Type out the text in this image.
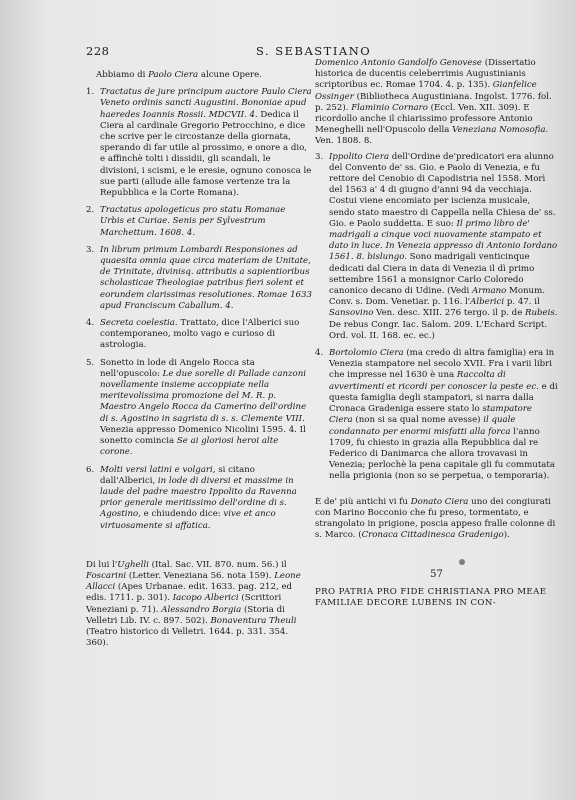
228	S. SEBASTIANO

Abbiamo di Paolo Ciera alcune Opere.

1. Tractatus de jure principum auctore Paulo Ciera Veneto ordinis sancti Augustini. Bononiae apud haeredes Ioannis Rossii. MDCVII. 4. Dedica il Ciera al cardinale Gregorio Petrocchino, e dice che scrive per le circostanze della giornata, sperando di far utile al prossimo, e onore a dio, e affinchè tolti i dissidii, gli scandali, le divisioni, i scismi, e le eresie, ognuno conosca le sue parti (allude alle famose vertenze tra la Repubblica e la Corte Romana).

2. Tractatus apologeticus pro statu Romanae Urbis et Curiae. Senis per Sylvestrum Marchettum. 1608. 4.

3. In librum primum Lombardi Responsiones ad quaesita omnia quae circa materiam de Unitate, de Trinitate, divinisq. attributis a sapientioribus scholasticae Theologiae patribus fieri solent et eorundem clarissimas resolutiones. Romae 1633 apud Franciscum Caballum. 4.

4. Secreta coelestia. Trattato, dice l'Alberici suo contemporaneo, molto vago e curioso di astrologia.

5. Sonetto in lode di Angelo Rocca sta nell'opuscolo: Le due sorelle di Pallade canzoni novellamente insieme accoppiate nella meritevolissima promozione del M. R. p. Maestro Angelo Rocca da Camerino dell'ordine di s. Agostino in sagrista di s. s. Clemente VIII. Venezia appresso Domenico Nicolini 1595. 4. Il sonetto comincia Se ai gloriosi heroi alte corone.

6. Molti versi latini e volgari, si citano dall'Alberici, in lode di diversi et massime in laude del padre maestro Ippolito da Ravenna prior generale meritissimo dell'ordine di s. Agostino, e chiudendo dice: vive et anco virtuosamente si affatica.

Di lui l'Ughelli (Ital. Sac. VII. 870. num. 56.) il Foscarini (Letter. Veneziana 56. nota 159). Leone Allacci (Apes Urbanae. edit. 1633. pag. 212, ed edis. 1711. p. 301). Iacopo Alberici (Scrittori Veneziani p. 71). Alessandro Borgia (Storia di Velletri Lib. IV. c. 897. 502). Bonaventura Theuli (Teatro historico di Velletri. 1644. p. 331. 354. 360).

Domenico Antonio Gandolfo Genovese (Dissertatio historica de ducentis celeberrimis Augustinianis scriptoribus ec. Romae 1704. 4. p. 135). Gianfelice Ossinger (Bibliotheca Augustiniana. Ingolst. 1776. fol. p. 252). Flaminio Cornaro (Eccl. Ven. XII. 309). E ricordollo anche il chiarissimo professore Antonio Meneghelli nell'Opuscolo della Veneziana Nomosofia. Ven. 1808. 8.

3. Ippolito Ciera dell'Ordine de'predicatori era alunno del Convento de' ss. Gio. e Paolo di Venezia, e fu rettore del Cenobio di Capodistria nel 1558. Morì del 1563 a' 4 di giugno d'anni 94 da vecchiaja. Costui viene encomiato per iscienza musicale, sendo stato maestro di Cappella nella Chiesa de' ss. Gio. e Paolo suddetta. E suo: Il primo libro de' madrigali a cinque voci nuovamente stampato et dato in luce. In Venezia appresso di Antonio Iordano 1561. 8. bislungo. Sono madrigali venticinque dedicati dal Ciera in data di Venezia il dì primo settembre 1561 a monsignor Carlo Coloredo canonico decano di Udine. (Vedi Armano Monum. Conv. s. Dom. Venetiar. p. 116. l'Alberici p. 47. il Sansovino Ven. desc. XIII. 276 tergo. il p. de Rubeis. De rebus Congr. Iac. Salom. 209. L'Echard Script. Ord. vol. II. 168. ec. ec.)

4. Bortolomio Ciera (ma credo di altra famiglia) era in Venezia stampatore nel secolo XVII. Fra i varii libri che impresse nel 1630 è una Raccolta di avvertimenti et ricordi per conoscer la peste ec. e di questa famiglia degli stampatori, si narra dalla Cronaca Gradeniga essere stato lo stampatore Ciera (non si sa qual nome avesse) il quale condannato per enormi misfatti alla forca l'anno 1709, fu chiesto in grazia alla Repubblica dal re Federico di Danimarca che allora trovavasi in Venezia; perlochè la pena capitale gli fu commutata nella prigionia (non so se perpetua, o temporaria).

E de' più antichi vi fu Donato Ciera uno dei congiurati con Marino Bocconio che fu preso, tormentato, e strangolato in prigione, poscia appeso fralle colonne di s. Marco. (Cronaca Cittadinesca Gradenigo).

57

PRO PATRIA PRO FIDE CHRISTIANA PRO MEAE FAMILIAE DECORE LUBENS IN CON-
